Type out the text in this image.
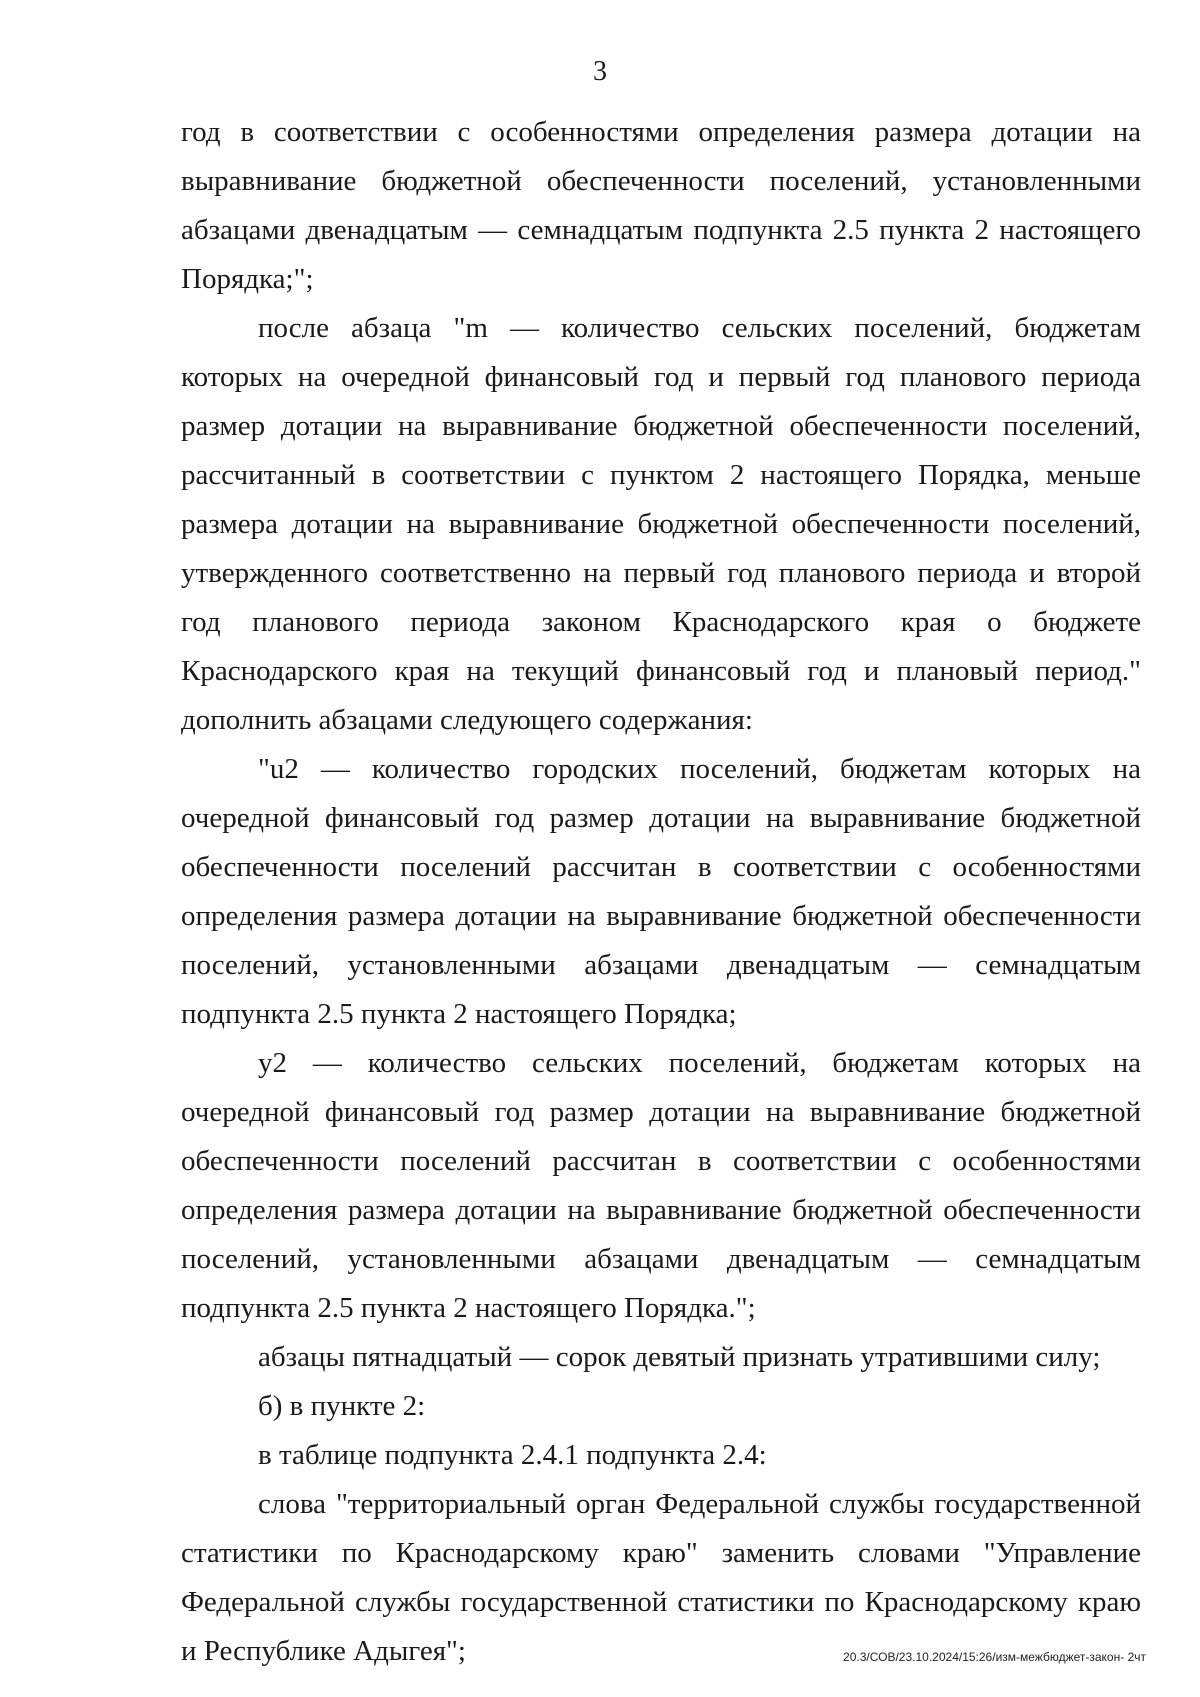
3

год в соответствии с особенностями определения размера дотации на выравнивание бюджетной обеспеченности поселений, установленными абзацами двенадцатым — семнадцатым подпункта 2.5 пункта 2 настоящего Порядка;";

после абзаца "m — количество сельских поселений, бюджетам которых на очередной финансовый год и первый год планового периода размер дотации на выравнивание бюджетной обеспеченности поселений, рассчитанный в соответствии с пунктом 2 настоящего Порядка, меньше размера дотации на выравнивание бюджетной обеспеченности поселений, утвержденного соответственно на первый год планового периода и второй год планового периода законом Краснодарского края о бюджете Краснодарского края на текущий финансовый год и плановый период." дополнить абзацами следующего содержания:

"u2 — количество городских поселений, бюджетам которых на очередной финансовый год размер дотации на выравнивание бюджетной обеспеченности поселений рассчитан в соответствии с особенностями определения размера дотации на выравнивание бюджетной обеспеченности поселений, установленными абзацами двенадцатым — семнадцатым подпункта 2.5 пункта 2 настоящего Порядка;

y2 — количество сельских поселений, бюджетам которых на очередной финансовый год размер дотации на выравнивание бюджетной обеспеченности поселений рассчитан в соответствии с особенностями определения размера дотации на выравнивание бюджетной обеспеченности поселений, установленными абзацами двенадцатым — семнадцатым подпункта 2.5 пункта 2 настоящего Порядка.";

абзацы пятнадцатый — сорок девятый признать утратившими силу;

б) в пункте 2:

в таблице подпункта 2.4.1 подпункта 2.4:

слова "территориальный орган Федеральной службы государственной статистики по Краснодарскому краю" заменить словами "Управление Федеральной службы государственной статистики по Краснодарскому краю и Республике Адыгея";	20.3/СОВ/23.10.2024/15:26/изм-межбюджет-закон- 2чт
